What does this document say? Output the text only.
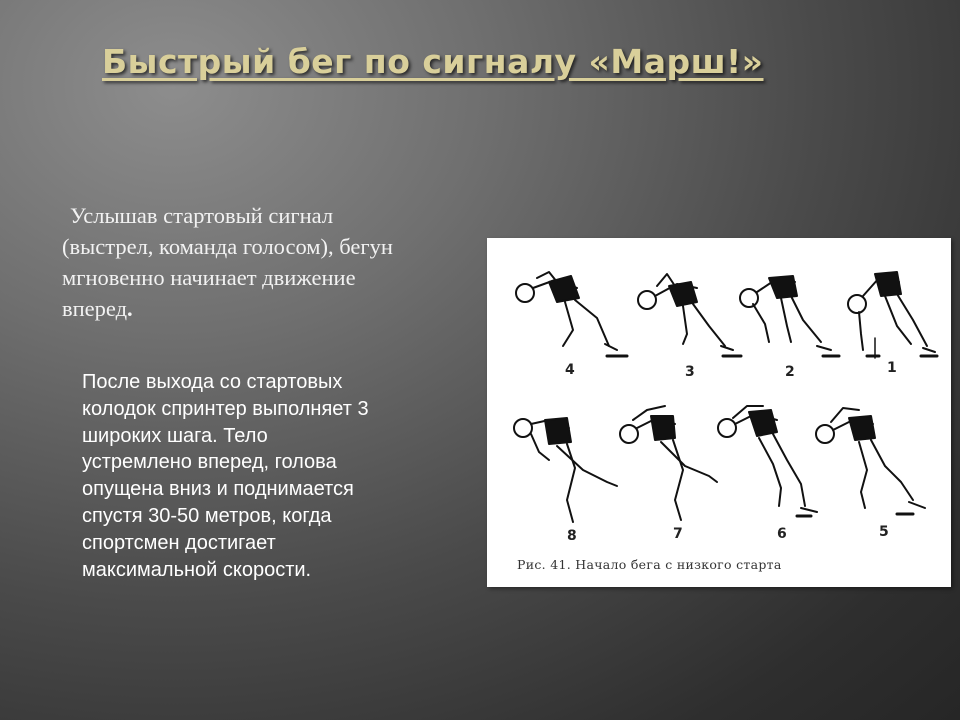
Быстрый бег по сигналу «Марш!»

Услышав стартовый сигнал (выстрел, команда голосом), бегун мгновенно начинает движение вперед.

После выхода со стартовых колодок спринтер выполняет 3 широких шага. Тело устремлено вперед, голова опущена вниз и поднимается спустя 30-50 метров, когда спортсмен достигает максимальной скорости.

4	3	2	1
8	7	6	5
Рис. 41. Начало бега с низкого старта
